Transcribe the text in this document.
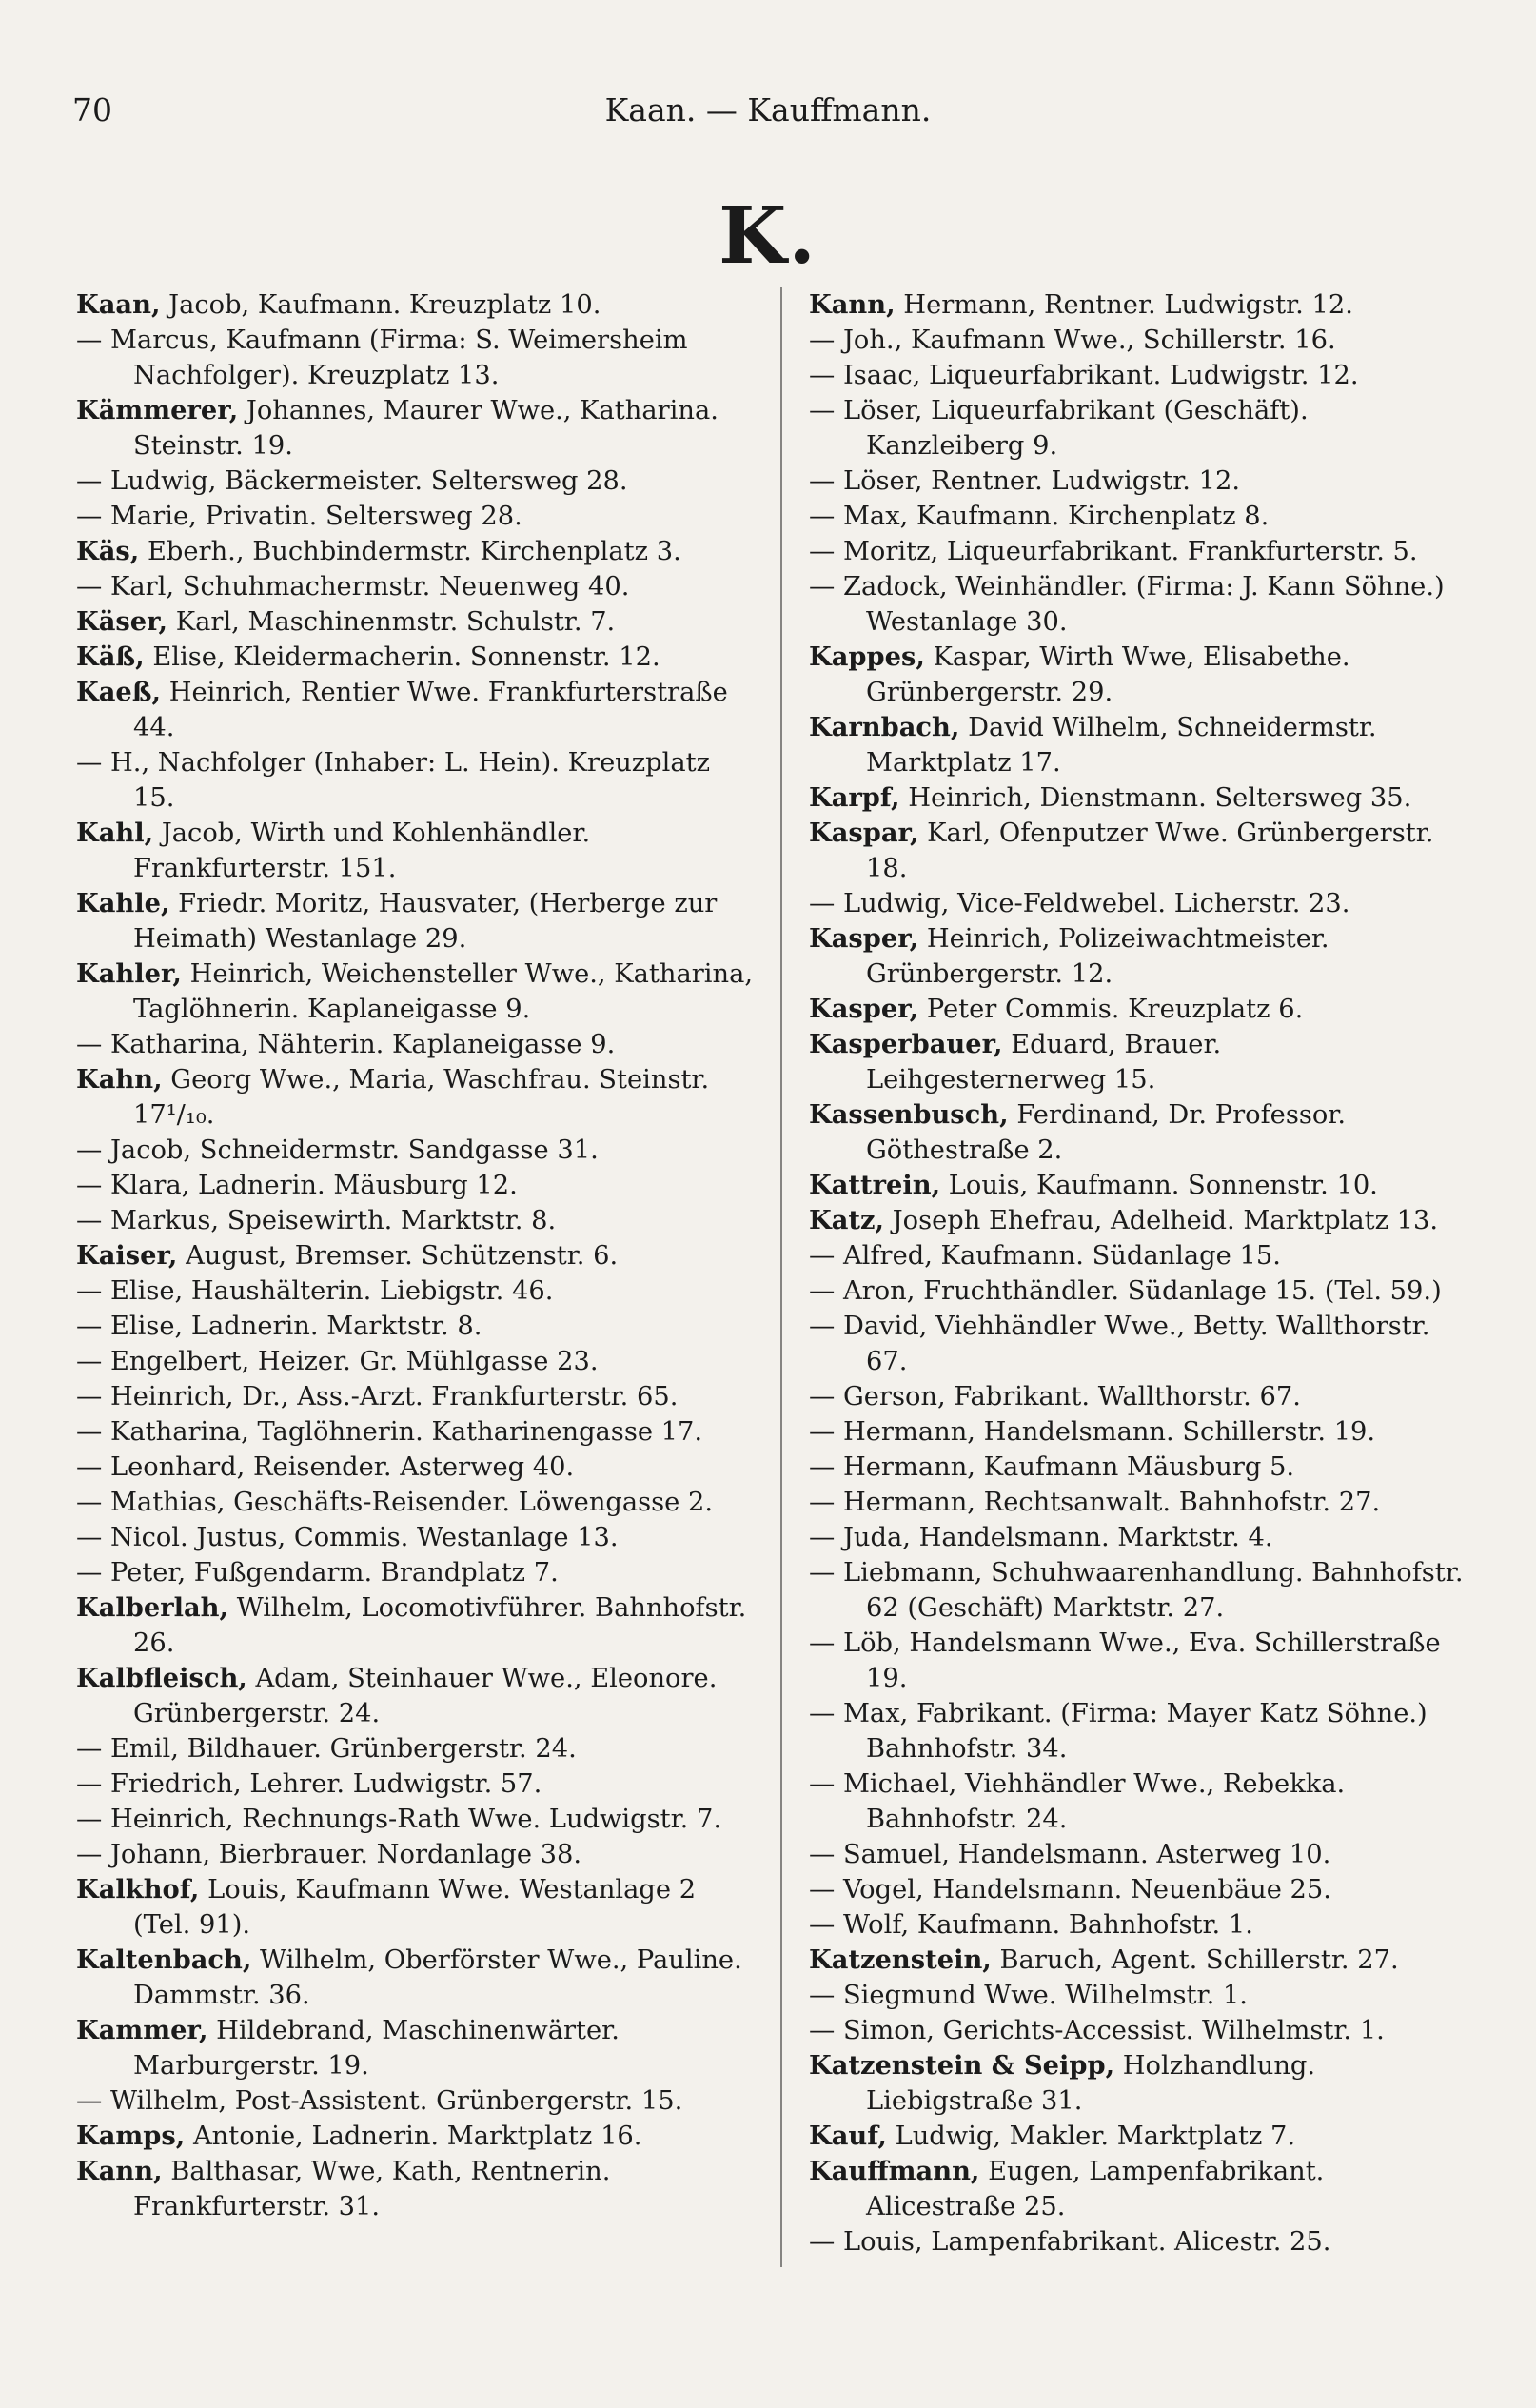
70	Kaan. — Kauffmann.
K.

Kaan, Jacob, Kaufmann. Kreuzplatz 10.

— Marcus, Kaufmann (Firma: S. Weimersheim Nachfolger). Kreuzplatz 13.

Kämmerer, Johannes, Maurer Wwe., Katharina. Steinstr. 19.

— Ludwig, Bäckermeister. Seltersweg 28.

— Marie, Privatin. Seltersweg 28.

Käs, Eberh., Buchbindermstr. Kirchenplatz 3.

— Karl, Schuhmachermstr. Neuenweg 40.

Käser, Karl, Maschinenmstr. Schulstr. 7.

Käß, Elise, Kleidermacherin. Sonnenstr. 12.

Kaeß, Heinrich, Rentier Wwe. Frankfurterstraße 44.

— H., Nachfolger (Inhaber: L. Hein). Kreuzplatz 15.

Kahl, Jacob, Wirth und Kohlenhändler. Frankfurterstr. 151.

Kahle, Friedr. Moritz, Hausvater, (Herberge zur Heimath) Westanlage 29.

Kahler, Heinrich, Weichensteller Wwe., Katharina, Taglöhnerin. Kaplaneigasse 9.

— Katharina, Nähterin. Kaplaneigasse 9.

Kahn, Georg Wwe., Maria, Waschfrau. Steinstr. 17¹/₁₀.

— Jacob, Schneidermstr. Sandgasse 31.

— Klara, Ladnerin. Mäusburg 12.

— Markus, Speisewirth. Marktstr. 8.

Kaiser, August, Bremser. Schützenstr. 6.

— Elise, Haushälterin. Liebigstr. 46.

— Elise, Ladnerin. Marktstr. 8.

— Engelbert, Heizer. Gr. Mühlgasse 23.

— Heinrich, Dr., Ass.-Arzt. Frankfurterstr. 65.

— Katharina, Taglöhnerin. Katharinengasse 17.

— Leonhard, Reisender. Asterweg 40.

— Mathias, Geschäfts-Reisender. Löwengasse 2.

— Nicol. Justus, Commis. Westanlage 13.

— Peter, Fußgendarm. Brandplatz 7.

Kalberlah, Wilhelm, Locomotivführer. Bahnhofstr. 26.

Kalbfleisch, Adam, Steinhauer Wwe., Eleonore. Grünbergerstr. 24.

— Emil, Bildhauer. Grünbergerstr. 24.

— Friedrich, Lehrer. Ludwigstr. 57.

— Heinrich, Rechnungs-Rath Wwe. Ludwigstr. 7.

— Johann, Bierbrauer. Nordanlage 38.

Kalkhof, Louis, Kaufmann Wwe. Westanlage 2 (Tel. 91).

Kaltenbach, Wilhelm, Oberförster Wwe., Pauline. Dammstr. 36.

Kammer, Hildebrand, Maschinenwärter. Marburgerstr. 19.

— Wilhelm, Post-Assistent. Grünbergerstr. 15.

Kamps, Antonie, Ladnerin. Marktplatz 16.

Kann, Balthasar, Wwe, Kath, Rentnerin. Frankfurterstr. 31.

Kann, Hermann, Rentner. Ludwigstr. 12.

— Joh., Kaufmann Wwe., Schillerstr. 16.

— Isaac, Liqueurfabrikant. Ludwigstr. 12.

— Löser, Liqueurfabrikant (Geschäft). Kanzleiberg 9.

— Löser, Rentner. Ludwigstr. 12.

— Max, Kaufmann. Kirchenplatz 8.

— Moritz, Liqueurfabrikant. Frankfurterstr. 5.

— Zadock, Weinhändler. (Firma: J. Kann Söhne.) Westanlage 30.

Kappes, Kaspar, Wirth Wwe, Elisabethe. Grünbergerstr. 29.

Karnbach, David Wilhelm, Schneidermstr. Marktplatz 17.

Karpf, Heinrich, Dienstmann. Seltersweg 35.

Kaspar, Karl, Ofenputzer Wwe. Grünbergerstr. 18.

— Ludwig, Vice-Feldwebel. Licherstr. 23.

Kasper, Heinrich, Polizeiwachtmeister. Grünbergerstr. 12.

Kasper, Peter Commis. Kreuzplatz 6.

Kasperbauer, Eduard, Brauer. Leihgesternerweg 15.

Kassenbusch, Ferdinand, Dr. Professor. Göthestraße 2.

Kattrein, Louis, Kaufmann. Sonnenstr. 10.

Katz, Joseph Ehefrau, Adelheid. Marktplatz 13.

— Alfred, Kaufmann. Südanlage 15.

— Aron, Fruchthändler. Südanlage 15. (Tel. 59.)

— David, Viehhändler Wwe., Betty. Wallthorstr. 67.

— Gerson, Fabrikant. Wallthorstr. 67.

— Hermann, Handelsmann. Schillerstr. 19.

— Hermann, Kaufmann Mäusburg 5.

— Hermann, Rechtsanwalt. Bahnhofstr. 27.

— Juda, Handelsmann. Marktstr. 4.

— Liebmann, Schuhwaarenhandlung. Bahnhofstr. 62 (Geschäft) Marktstr. 27.

— Löb, Handelsmann Wwe., Eva. Schillerstraße 19.

— Max, Fabrikant. (Firma: Mayer Katz Söhne.) Bahnhofstr. 34.

— Michael, Viehhändler Wwe., Rebekka. Bahnhofstr. 24.

— Samuel, Handelsmann. Asterweg 10.

— Vogel, Handelsmann. Neuenbäue 25.

— Wolf, Kaufmann. Bahnhofstr. 1.

Katzenstein, Baruch, Agent. Schillerstr. 27.

— Siegmund Wwe. Wilhelmstr. 1.

— Simon, Gerichts-Accessist. Wilhelmstr. 1.

Katzenstein & Seipp, Holzhandlung. Liebigstraße 31.

Kauf, Ludwig, Makler. Marktplatz 7.

Kauffmann, Eugen, Lampenfabrikant. Alicestraße 25.

— Louis, Lampenfabrikant. Alicestr. 25.
